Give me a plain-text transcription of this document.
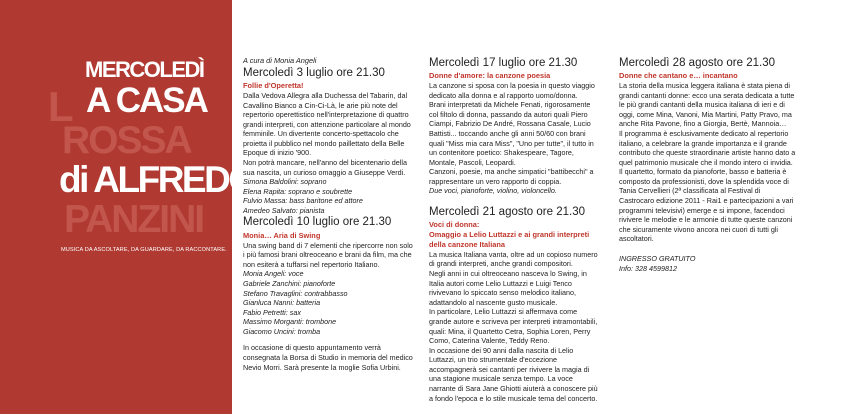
L
MERCOLEDÌ
A CASA
ROSSA
di ALFREDO
PANZINI
MUSICA DA ASCOLTARE, DA GUARDARE, DA RACCONTARE.

A cura di Monia Angeli

Mercoledì 3 luglio ore 21.30

Follie d'Operetta!

Dalla Vedova Allegra alla Duchessa del Tabarin, dal Cavallino Bianco a Cin-Ci-Là, le arie più note del repertorio operettistico nell'interpretazione di quattro grandi interpreti, con attenzione particolare al mondo femminile. Un divertente concerto-spettacolo che proietta il pubblico nel mondo paillettato della Belle Epoque di inizio '900.

Non potrà mancare, nell'anno del bicentenario della sua nascita, un curioso omaggio a Giuseppe Verdi.

Simona Baldolini: soprano

Elena Rapita: soprano e soubrette

Fulvio Massa: bass baritone ed attore

Amedeo Salvato: pianista

Mercoledì 10 luglio ore 21.30

Monia… Aria di Swing

Una swing band di 7 elementi che ripercorre non solo i più famosi brani oltreoceano e brani da film, ma che non esiterà a tuffarsi nel repertorio Italiano.

Monia Angeli: voce

Gabriele Zanchini: pianoforte

Stefano Travaglini: contrabbasso

Gianluca Nanni: batteria

Fabio Petretti: sax

Massimo Morganti: trombone

Giacomo Uncini: tromba

In occasione di questo appuntamento verrà consegnata la Borsa di Studio in memoria del medico Nevio Morri. Sarà presente la moglie Sofia Urbini.

Mercoledì 17 luglio ore 21.30

Donne d'amore: la canzone poesia

La canzone si sposa con la poesia in questo viaggio dedicato alla donna e al rapporto uomo/donna.

Brani interpretati da Michele Fenati, rigorosamente col filtolo di donna, passando da autori quali Piero Ciampi, Fabrizio De André, Rossana Casale, Lucio Battisti... toccando anche gli anni 50/60 con brani quali "Miss mia cara Miss", "Uno per tutte", il tutto in un contenitore poetico: Shakespeare, Tagore, Montale, Pascoli, Leopardi.

Canzoni, poesie, ma anche simpatici "battibecchi" a rappresentare un vero rapporto di coppia.

Due voci, pianoforte, violino, violoncello.

Mercoledì 21 agosto ore 21.30

Voci di donna:
Omaggio a Lelio Luttazzi e ai grandi interpreti della canzone Italiana

La musica Italiana vanta, oltre ad un copioso numero di grandi interpreti, anche grandi compositori.

Negli anni in cui oltreoceano nasceva lo Swing, in Italia autori come Lelio Luttazzi e Luigi Tenco rivivevano lo spiccato senso melodico italiano, adattandolo al nascente gusto musicale.

In particolare, Lelio Luttazzi si affermava come grande autore e scriveva per interpreti intramontabili, quali: Mina, il Quartetto Cetra, Sophia Loren, Perry Como, Caterina Valente, Teddy Reno.

In occasione dei 90 anni dalla nascita di Lelio Luttazzi, un trio strumentale d'eccezione accompagnerà sei cantanti per rivivere la magia di una stagione musicale senza tempo. La voce narrante di Sara Jane Ghiotti aiuterà a conoscere più a fondo l'epoca e lo stile musicale tema del concerto.

Mercoledì 28 agosto ore 21.30

Donne che cantano e… incantano

La storia della musica leggera italiana è stata piena di grandi cantanti donne: ecco una serata dedicata a tutte le più grandi cantanti della musica italiana di ieri e di oggi, come Mina, Vanoni, Mia Martini, Patty Pravo, ma anche Rita Pavone, fino a Giorgia, Bertè, Mannoia…

Il programma è esclusivamente dedicato al repertorio italiano, a celebrare la grande importanza e il grande contributo che queste straordinarie artiste hanno dato a quel patrimonio musicale che il mondo intero ci invidia.

Il quartetto, formato da pianoforte, basso e batteria è composto da professionisti, dove la splendida voce di Tania Cervellieri (2ª classificata al Festival di Castrocaro edizione 2011 - Rai1 e partecipazioni a vari programmi televisivi) emerge e si impone, facendoci rivivere le melodie e le armonie di tutte queste canzoni che sicuramente vivono ancora nei cuori di tutti gli ascoltatori.

INGRESSO GRATUITO

Info: 328 4599812
